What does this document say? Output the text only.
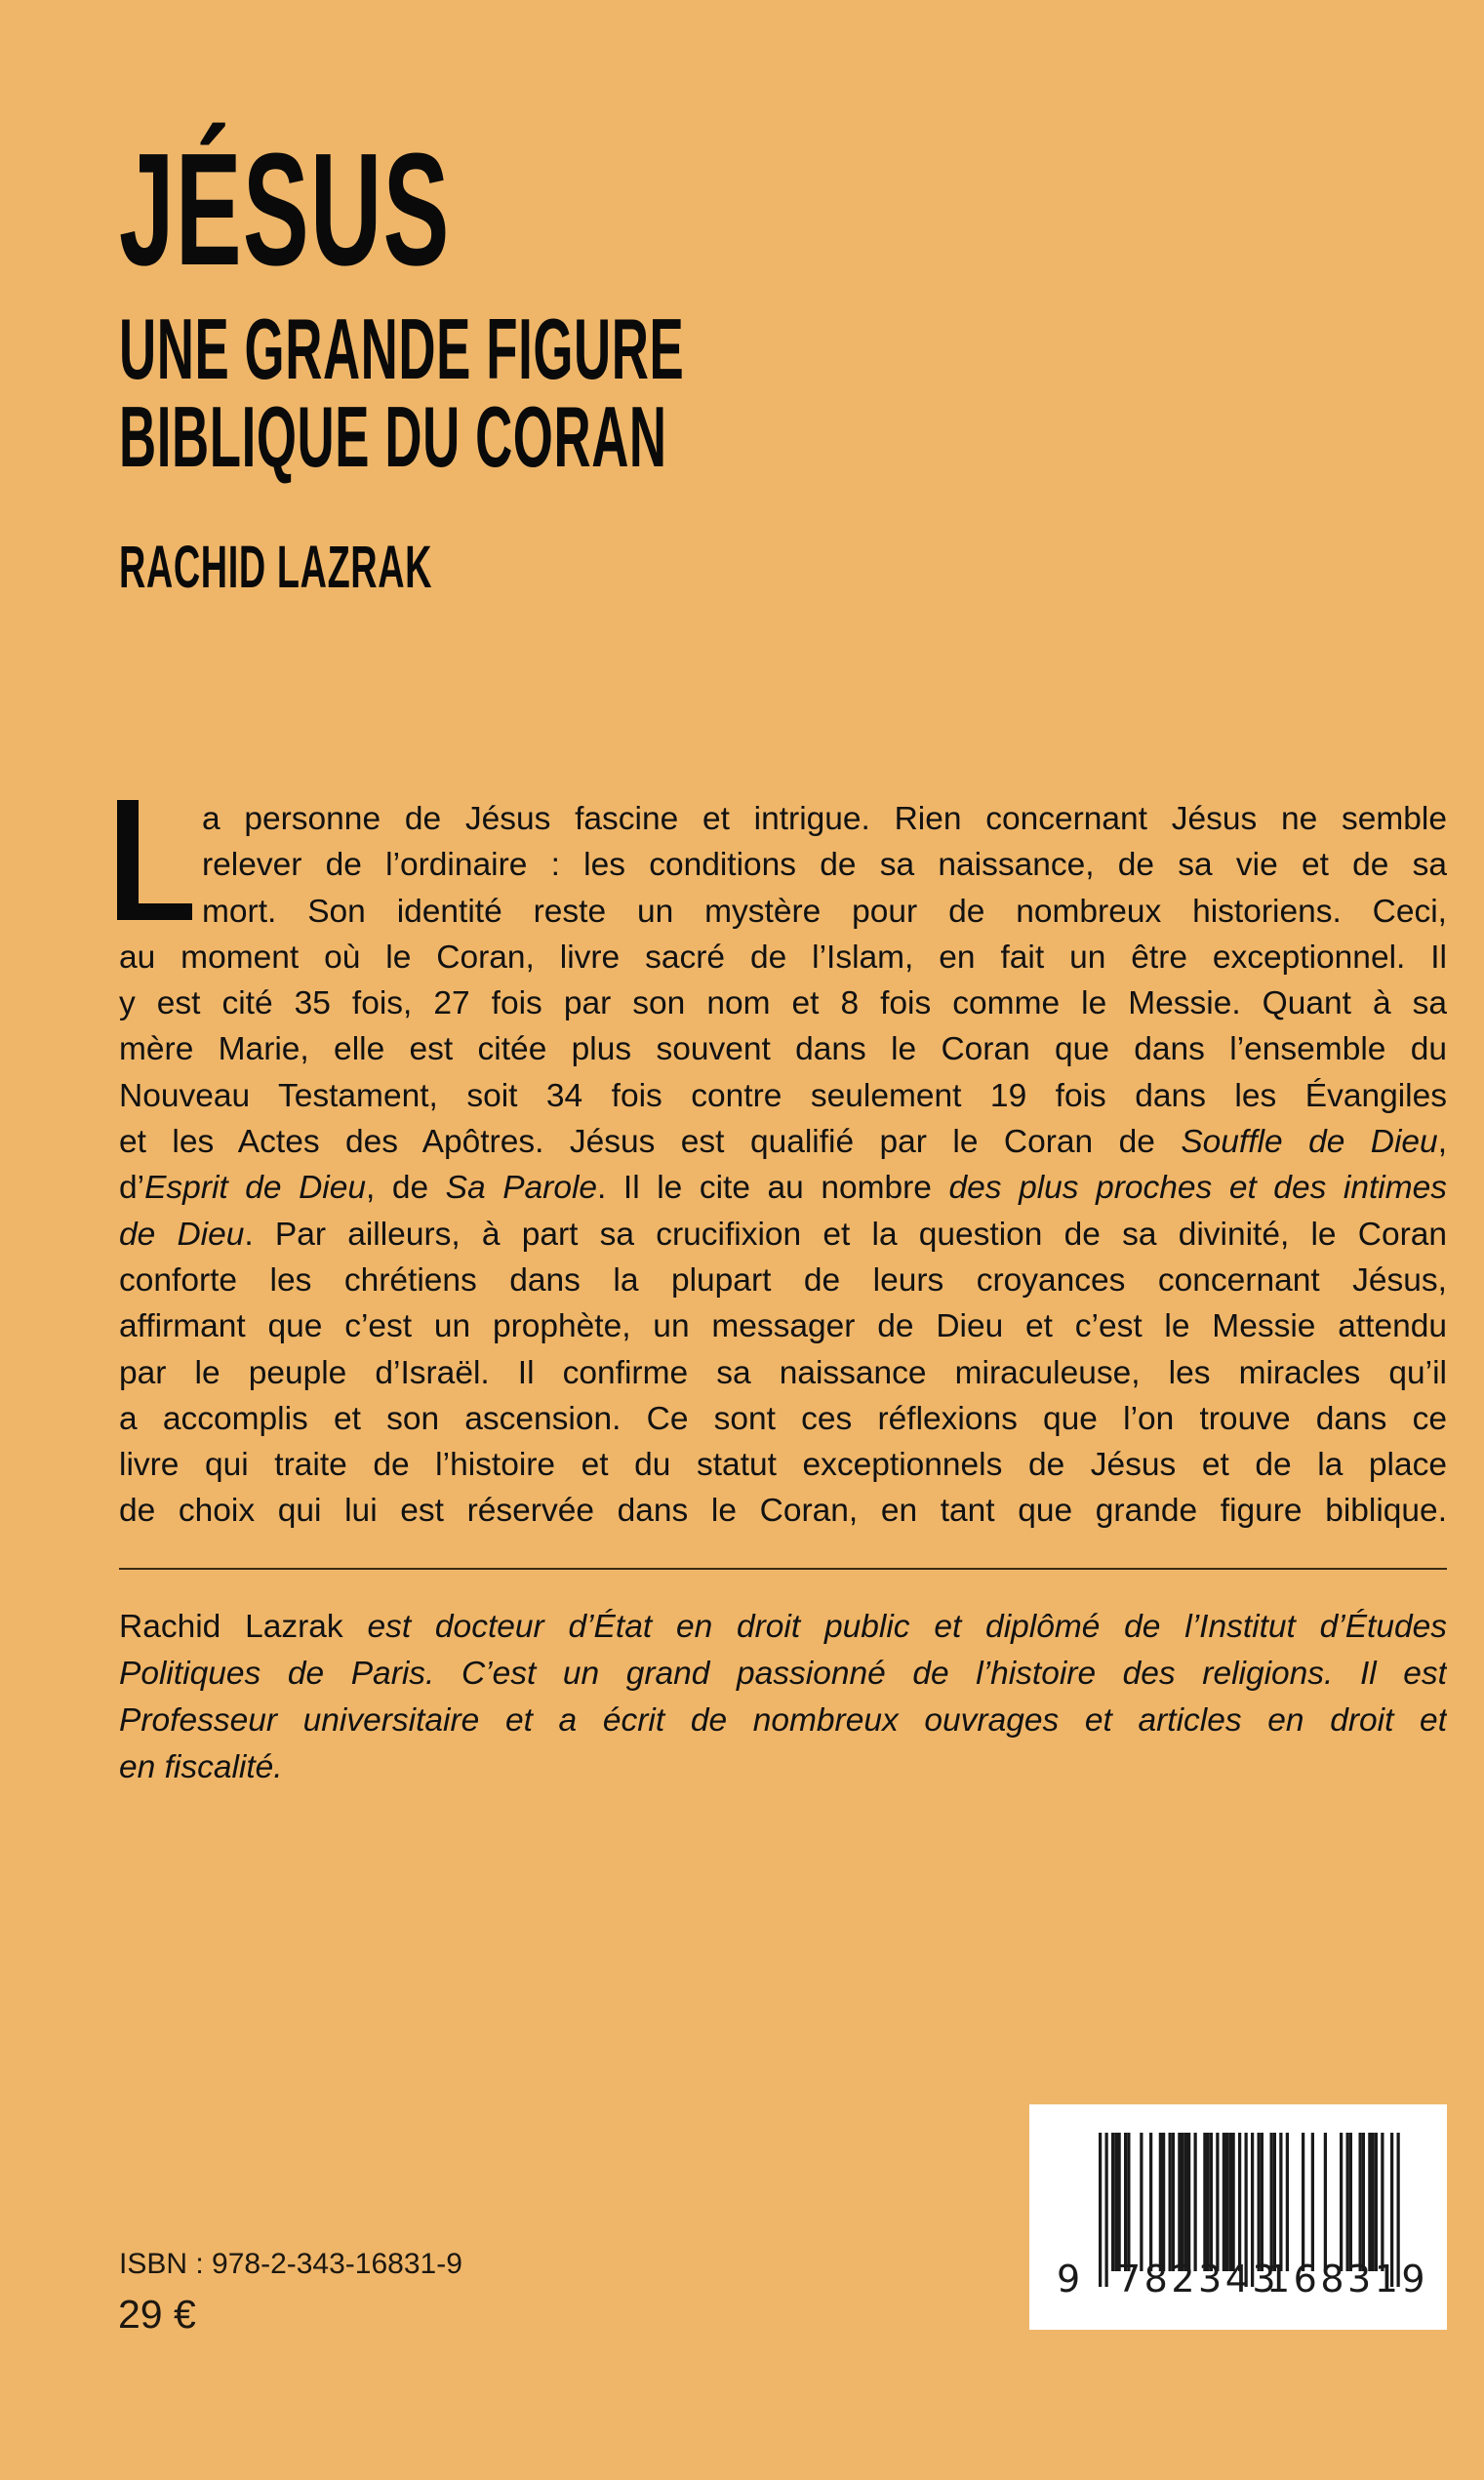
JÉSUS
UNE GRANDE FIGURE
BIBLIQUE DU CORAN
RACHID LAZRAK
a personne de Jésus fascine et intrigue. Rien concernant Jésus ne semble
relever de l’ordinaire : les conditions de sa naissance, de sa vie et de sa
mort. Son identité reste un mystère pour de nombreux historiens. Ceci,
au moment où le Coran, livre sacré de l’Islam, en fait un être exceptionnel. Il
y est cité 35 fois, 27 fois par son nom et 8 fois comme le Messie. Quant à sa
mère Marie, elle est citée plus souvent dans le Coran que dans l’ensemble du
Nouveau Testament, soit 34 fois contre seulement 19 fois dans les Évangiles
et les Actes des Apôtres. Jésus est qualifié par le Coran de Souffle de Dieu,
d’Esprit de Dieu, de Sa Parole. Il le cite au nombre des plus proches et des intimes
de Dieu. Par ailleurs, à part sa crucifixion et la question de sa divinité, le Coran
conforte les chrétiens dans la plupart de leurs croyances concernant Jésus,
affirmant que c’est un prophète, un messager de Dieu et c’est le Messie attendu
par le peuple d’Israël. Il confirme sa naissance miraculeuse, les miracles qu’il
a accomplis et son ascension. Ce sont ces réflexions que l’on trouve dans ce
livre qui traite de l’histoire et du statut exceptionnels de Jésus et de la place
de choix qui lui est réservée dans le Coran, en tant que grande figure biblique.
Rachid Lazrak est docteur d’État en droit public et diplômé de l’Institut d’Études
Politiques de Paris. C’est un grand passionné de l’histoire des religions. Il est
Professeur universitaire et a écrit de nombreux ouvrages et articles en droit et
en fiscalité.
ISBN : 978-2-343-16831-9
29 €
9 782343
168319
